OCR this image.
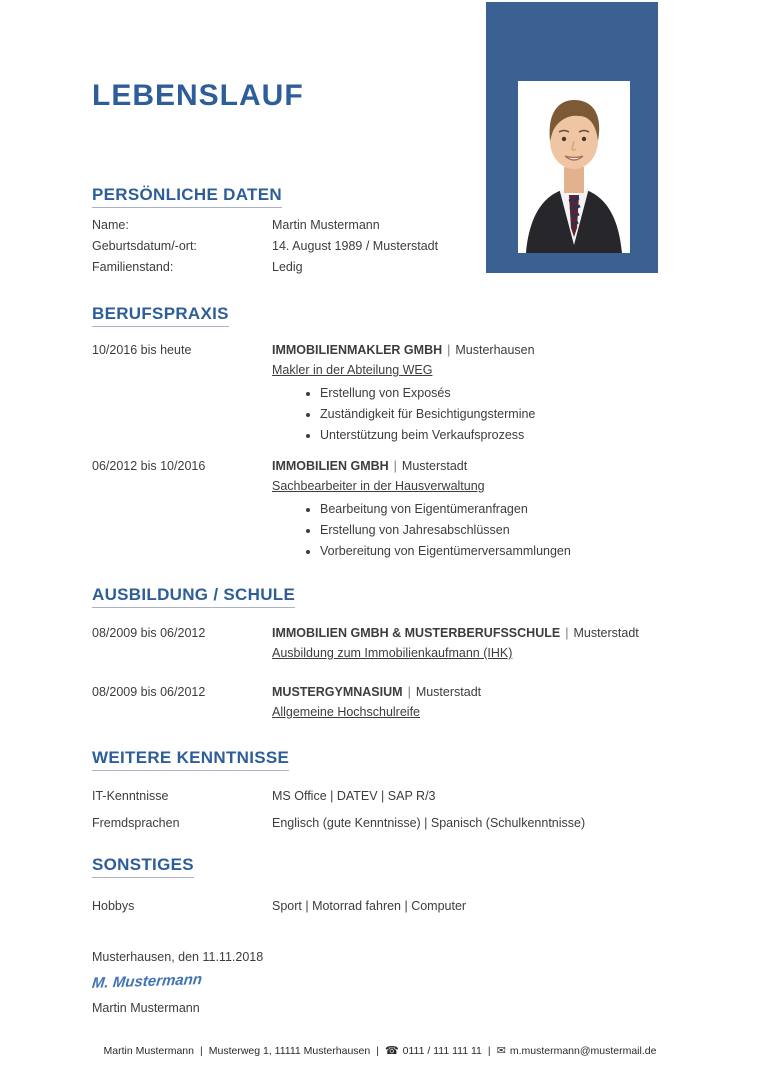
LEBENSLAUF
PERSÖNLICHE DATEN
Name:	Martin Mustermann
Geburtsdatum/-ort:	14. August 1989 / Musterstadt
Familienstand:	Ledig
BERUFSPRAXIS
10/2016 bis heute	IMMOBILIENMAKLER GMBH | Musterhausen
Makler in der Abteilung WEG
• Erstellung von Exposés
• Zuständigkeit für Besichtigungstermine
• Unterstützung beim Verkaufsprozess
06/2012 bis 10/2016	IMMOBILIEN GMBH | Musterstadt
Sachbearbeiter in der Hausverwaltung
• Bearbeitung von Eigentümeranfragen
• Erstellung von Jahresabschlüssen
• Vorbereitung von Eigentümerversammlungen
AUSBILDUNG / SCHULE
08/2009 bis 06/2012	IMMOBILIEN GMBH & MUSTERBERUFSSCHULE | Musterstadt
Ausbildung zum Immobilienkaufmann (IHK)
08/2009 bis 06/2012	MUSTERGYMNASIUM | Musterstadt
Allgemeine Hochschulreife
WEITERE KENNTNISSE
IT-Kenntnisse	MS Office | DATEV | SAP R/3
Fremdsprachen	Englisch (gute Kenntnisse) | Spanisch (Schulkenntnisse)
SONSTIGES
Hobbys	Sport | Motorrad fahren | Computer
Musterhausen, den 11.11.2018
M. Mustermann
Martin Mustermann
Martin Mustermann | Musterweg 1, 11111 Musterhausen | ☎ 0111 / 111 111 11 | ✉ m.mustermann@mustermail.de
